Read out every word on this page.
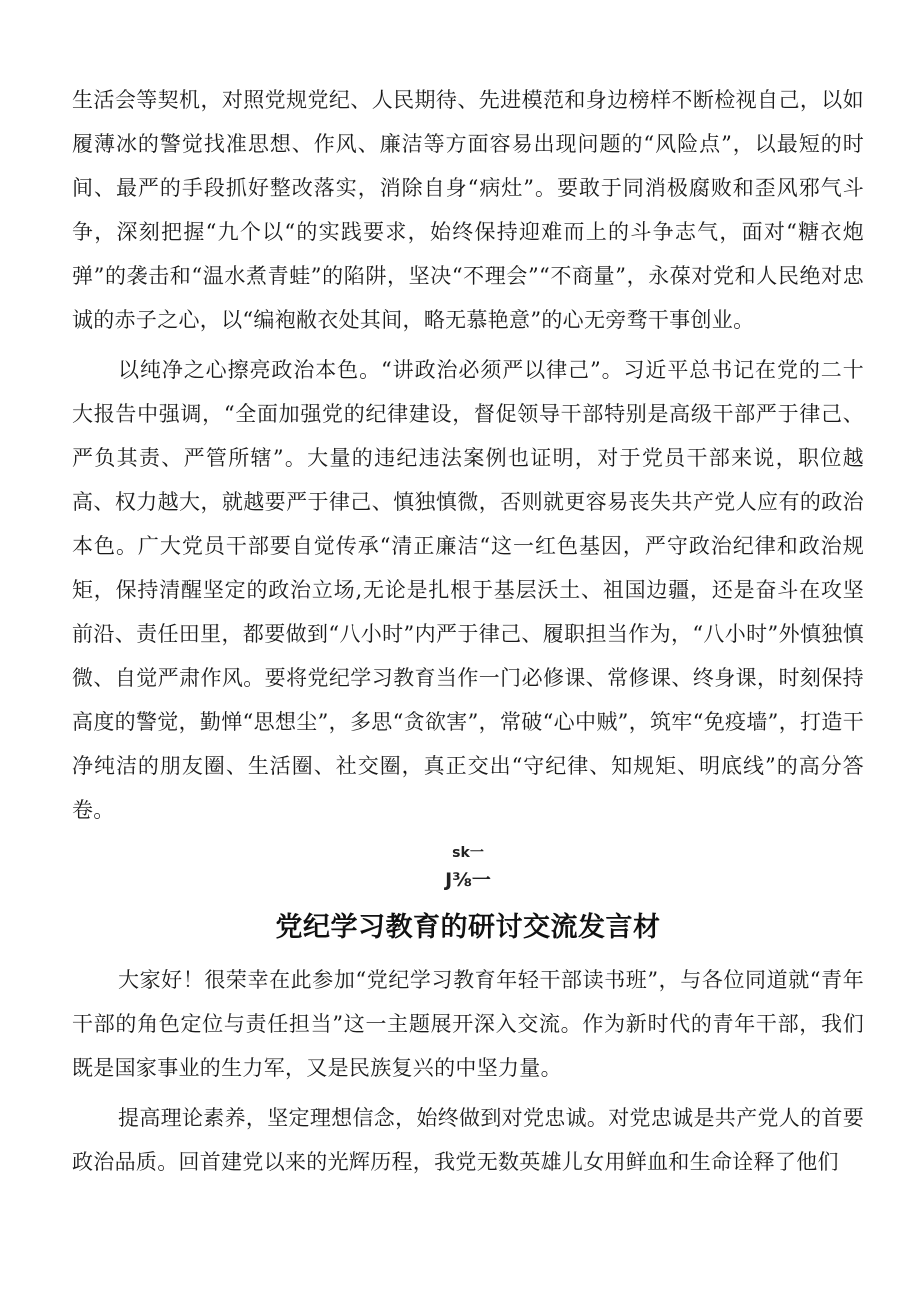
生活会等契机，对照党规党纪、人民期待、先进模范和身边榜样不断检视自己，以如履薄冰的警觉找准思想、作风、廉洁等方面容易出现问题的“风险点”，以最短的时间、最严的手段抓好整改落实，消除自身“病灶”。要敢于同消极腐败和歪风邪气斗争，深刻把握“九个以“的实践要求，始终保持迎难而上的斗争志气，面对“糖衣炮弹”的袭击和“温水煮青蛙”的陷阱，坚决“不理会”“不商量”，永葆对党和人民绝对忠诚的赤子之心，以“编袍敝衣处其间，略无慕艳意”的心无旁骛干事创业。

以纯净之心擦亮政治本色。“讲政治必须严以律己”。习近平总书记在党的二十大报告中强调，“全面加强党的纪律建设，督促领导干部特别是高级干部严于律己、严负其责、严管所辖”。大量的违纪违法案例也证明，对于党员干部来说，职位越高、权力越大，就越要严于律己、慎独慎微，否则就更容易丧失共产党人应有的政治本色。广大党员干部要自觉传承“清正廉洁“这一红色基因，严守政治纪律和政治规矩，保持清醒坚定的政治立场,无论是扎根于基层沃土、祖国边疆，还是奋斗在攻坚前沿、责任田里，都要做到“八小时”内严于律己、履职担当作为，“八小时”外慎独慎微、自觉严肃作风。要将党纪学习教育当作一门必修课、常修课、终身课，时刻保持高度的警觉，勤惮“思想尘”，多思“贪欲害”，常破“心中贼”，筑牢“免疫墙”，打造干净纯洁的朋友圈、生活圈、社交圈，真正交出“守纪律、知规矩、明底线”的高分答卷。

sk一
J⅜一
党纪学习教育的研讨交流发言材

大家好！很荣幸在此参加“党纪学习教育年轻干部读书班”，与各位同道就“青年干部的角色定位与责任担当”这一主题展开深入交流。作为新时代的青年干部，我们既是国家事业的生力军，又是民族复兴的中坚力量。

提高理论素养，坚定理想信念，始终做到对党忠诚。对党忠诚是共产党人的首要政治品质。回首建党以来的光辉历程，我党无数英雄儿女用鲜血和生命诠释了他们
